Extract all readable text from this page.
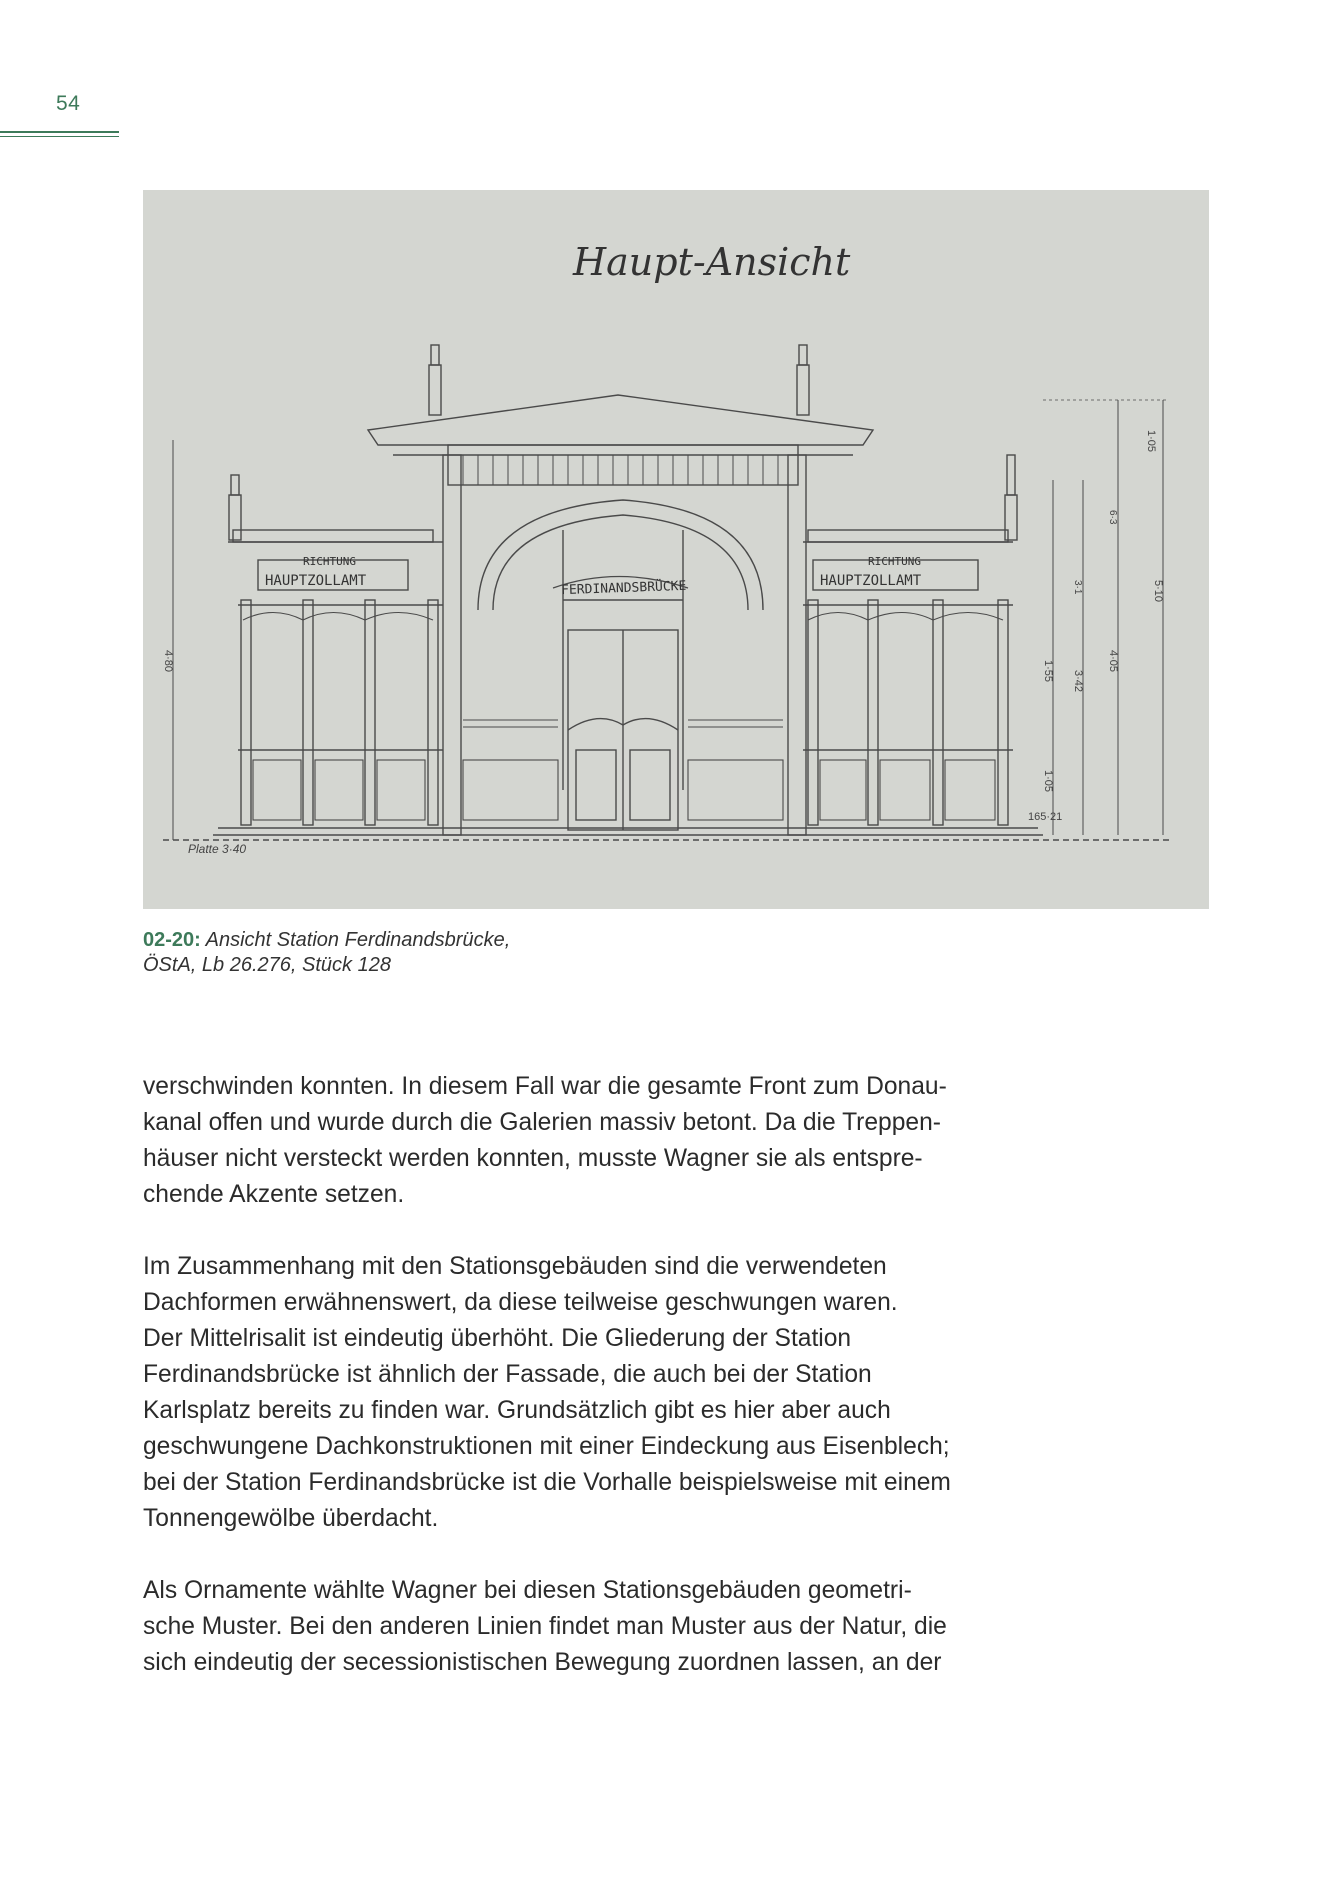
54
Haupt-Ansicht
Platte 3·40
FERDINANDSBRÜCKE
RICHTUNG
HAUPTZOLLAMT
RICHTUNG
HAUPTZOLLAMT
4·80
1·05
6·3
3·1
1·55
1·05
3·42
4·05
5·10
165·21
02-20: Ansicht Station Ferdinandsbrücke,
ÖStA, Lb 26.276, Stück 128

verschwinden konnten. In diesem Fall war die gesamte Front zum Donau-
kanal offen und wurde durch die Galerien massiv betont. Da die Treppen-
häuser nicht versteckt werden konnten, musste Wagner sie als entspre-
chende Akzente setzen.

Im Zusammenhang mit den Stationsgebäuden sind die verwendeten
Dachformen erwähnenswert, da diese teilweise geschwungen waren.
Der Mittelrisalit ist eindeutig überhöht. Die Gliederung der Station
Ferdinandsbrücke ist ähnlich der Fassade, die auch bei der Station
Karlsplatz bereits zu finden war. Grundsätzlich gibt es hier aber auch
geschwungene Dachkonstruktionen mit einer Eindeckung aus Eisenblech;
bei der Station Ferdinandsbrücke ist die Vorhalle beispielsweise mit einem
Tonnengewölbe überdacht.

Als Ornamente wählte Wagner bei diesen Stationsgebäuden geometri-
sche Muster. Bei den anderen Linien findet man Muster aus der Natur, die
sich eindeutig der secessionistischen Bewegung zuordnen lassen, an der
